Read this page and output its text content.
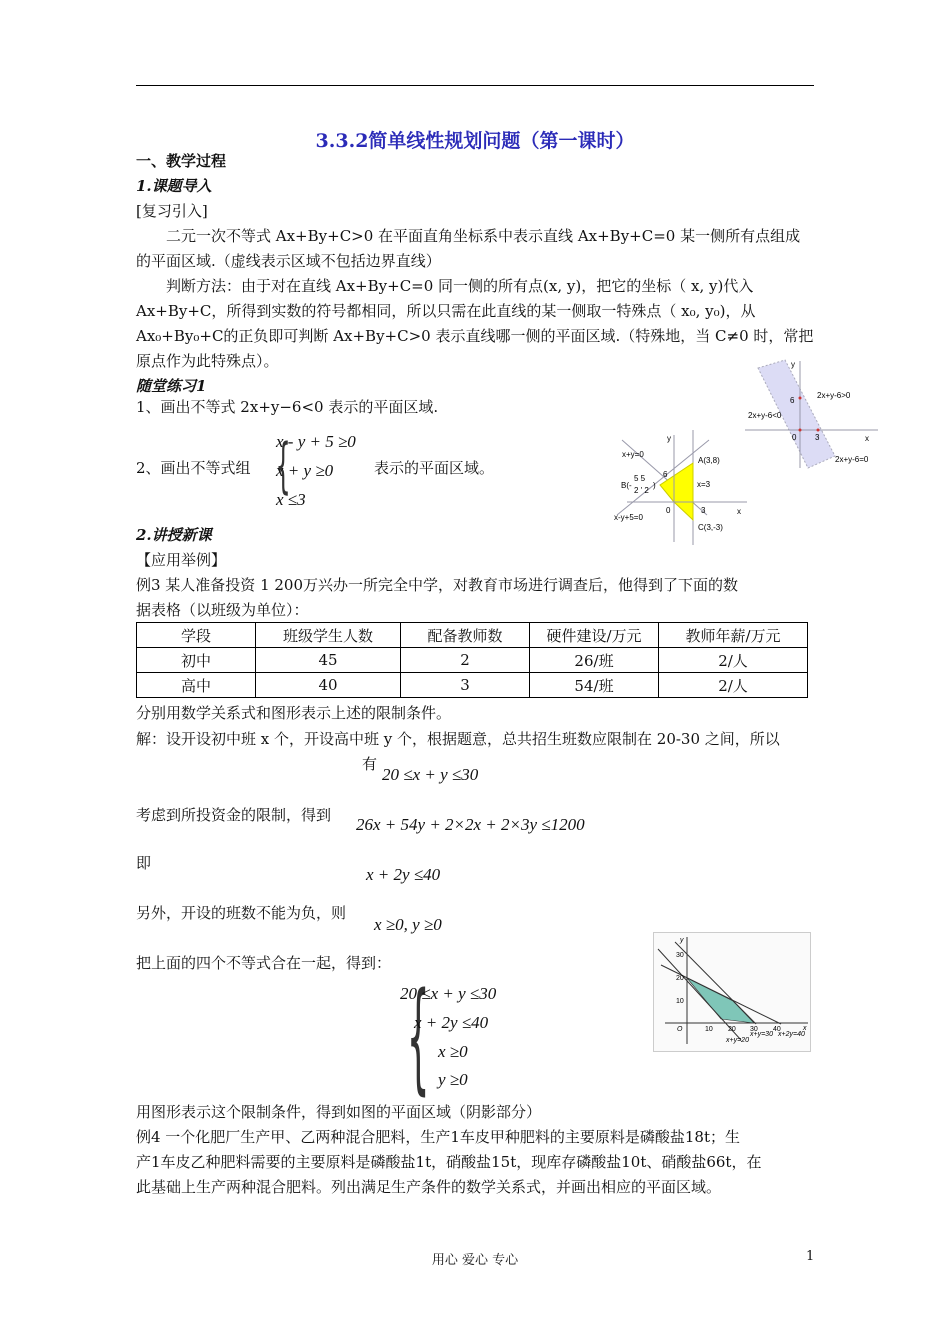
3.3.2简单线性规划问题（第一课时）
一、教学过程
1.课题导入
[复习引入]
二元一次不等式 Ax+By+C>0 在平面直角坐标系中表示直线 Ax+By+C=0 某一侧所有点组成
的平面区域.（虚线表示区域不包括边界直线）
判断方法：由于对在直线 Ax+By+C=0 同一侧的所有点(x, y)，把它的坐标（ x, y)代入
Ax+By+C，所得到实数的符号都相同，所以只需在此直线的某一侧取一特殊点（ x₀, y₀)，从
Ax₀+By₀+C的正负即可判断 Ax+By+C>0 表示直线哪一侧的平面区域.（特殊地，当 C≠0 时，常把
原点作为此特殊点）。
随堂练习1
1、画出不等式 2x+y−6<0 表示的平面区域.
2、画出不等式组 {
x - y + 5 ≥0
x + y ≥0
x ≤3
表示的平面区域。
y
x
6
0 3
2x+y-6>0
2x+y-6<0
2x+y-6=0
y
x
x+y=0
x-y+5=0
x=3
A(3,8)
B(-
5 5
2 ' 2
)
C(3,-3)
6
0	3
2.讲授新课
【应用举例】
例3 某人准备投资 1 200万兴办一所完全中学，对教育市场进行调查后，他得到了下面的数
据表格（以班级为单位）：
学段	班级学生人数	配备教师数	硬件建设/万元	教师年薪/万元
初中	45	2	26/班	2/人
高中	40	3	54/班	2/人
分别用数学关系式和图形表示上述的限制条件。
解：设开设初中班 x 个，开设高中班 y 个，根据题意，总共招生班数应限制在 20-30 之间，所以
有
20 ≤x + y ≤30
考虑到所投资金的限制，得到 26x + 54y + 2×2x + 2×3y ≤1200
即
x + 2y ≤40
另外，开设的班数不能为负，则
x ≥0, y ≥0
把上面的四个不等式合在一起，得到：
{
20 ≤x + y ≤30
x + 2y ≤40
x ≥0
y ≥0
y
x
O	10 20 30 40
10
20
30
x+y=20
x+y=30 x+2y=40
用图形表示这个限制条件，得到如图的平面区域（阴影部分）
例4 一个化肥厂生产甲、乙两种混合肥料，生产1车皮甲种肥料的主要原料是磷酸盐18t；生
产1车皮乙种肥料需要的主要原料是磷酸盐1t，硝酸盐15t，现库存磷酸盐10t、硝酸盐66t，在
此基础上生产两种混合肥料。列出满足生产条件的数学关系式，并画出相应的平面区域。
用心 爱心 专心	1
